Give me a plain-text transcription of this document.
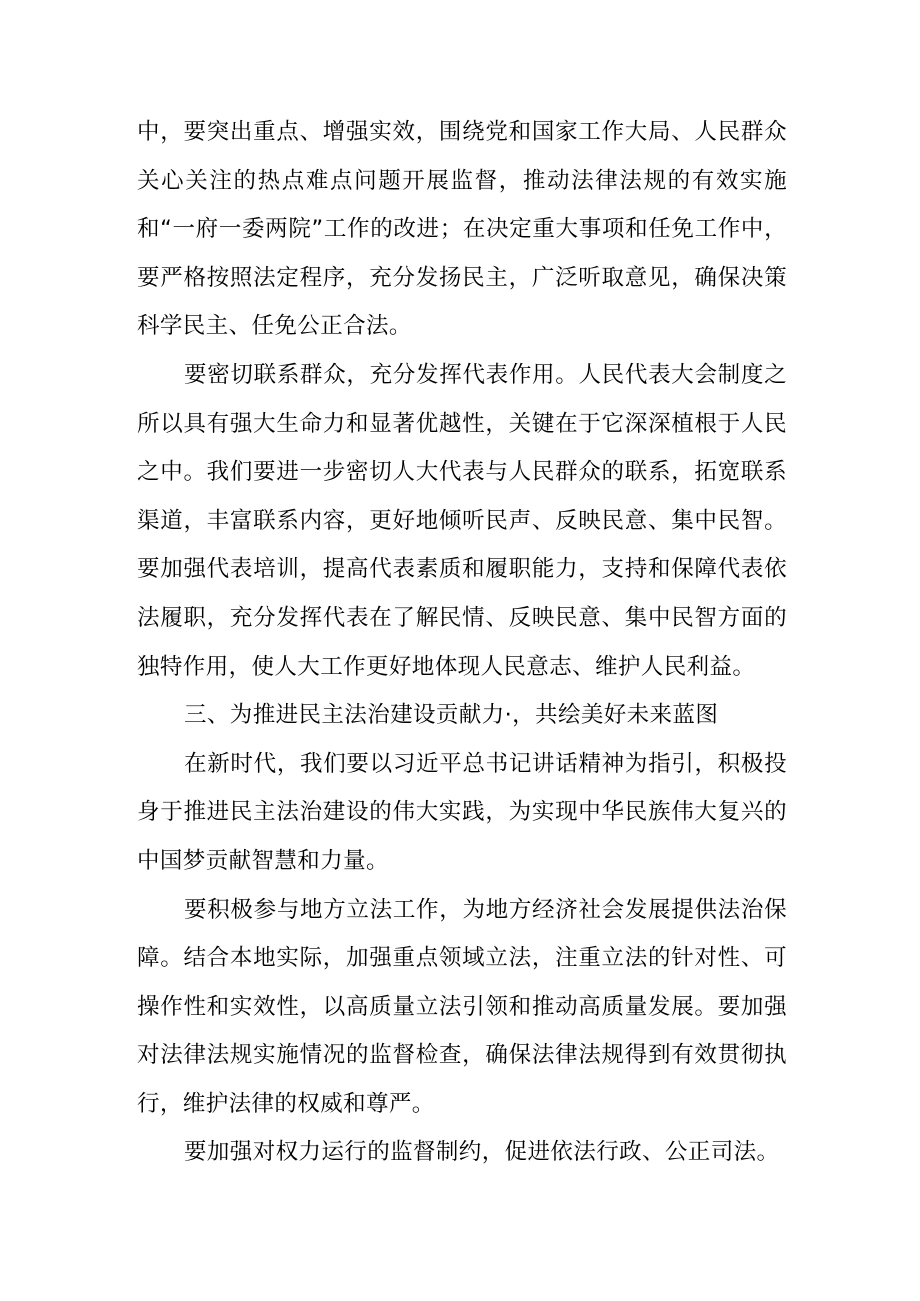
中，要突出重点、增强实效，围绕党和国家工作大局、人民群众关心关注的热点难点问题开展监督，推动法律法规的有效实施和“一府一委两院”工作的改进；在决定重大事项和任免工作中，要严格按照法定程序，充分发扬民主，广泛听取意见，确保决策科学民主、任免公正合法。

要密切联系群众，充分发挥代表作用。人民代表大会制度之所以具有强大生命力和显著优越性，关键在于它深深植根于人民之中。我们要进一步密切人大代表与人民群众的联系，拓宽联系渠道，丰富联系内容，更好地倾听民声、反映民意、集中民智。要加强代表培训，提高代表素质和履职能力，支持和保障代表依法履职，充分发挥代表在了解民情、反映民意、集中民智方面的独特作用，使人大工作更好地体现人民意志、维护人民利益。

三、为推进民主法治建设贡献力·，共绘美好未来蓝图

在新时代，我们要以习近平总书记讲话精神为指引，积极投身于推进民主法治建设的伟大实践，为实现中华民族伟大复兴的中国梦贡献智慧和力量。

要积极参与地方立法工作，为地方经济社会发展提供法治保障。结合本地实际，加强重点领域立法，注重立法的针对性、可操作性和实效性，以高质量立法引领和推动高质量发展。要加强对法律法规实施情况的监督检查，确保法律法规得到有效贯彻执行，维护法律的权威和尊严。

要加强对权力运行的监督制约，促进依法行政、公正司法。
